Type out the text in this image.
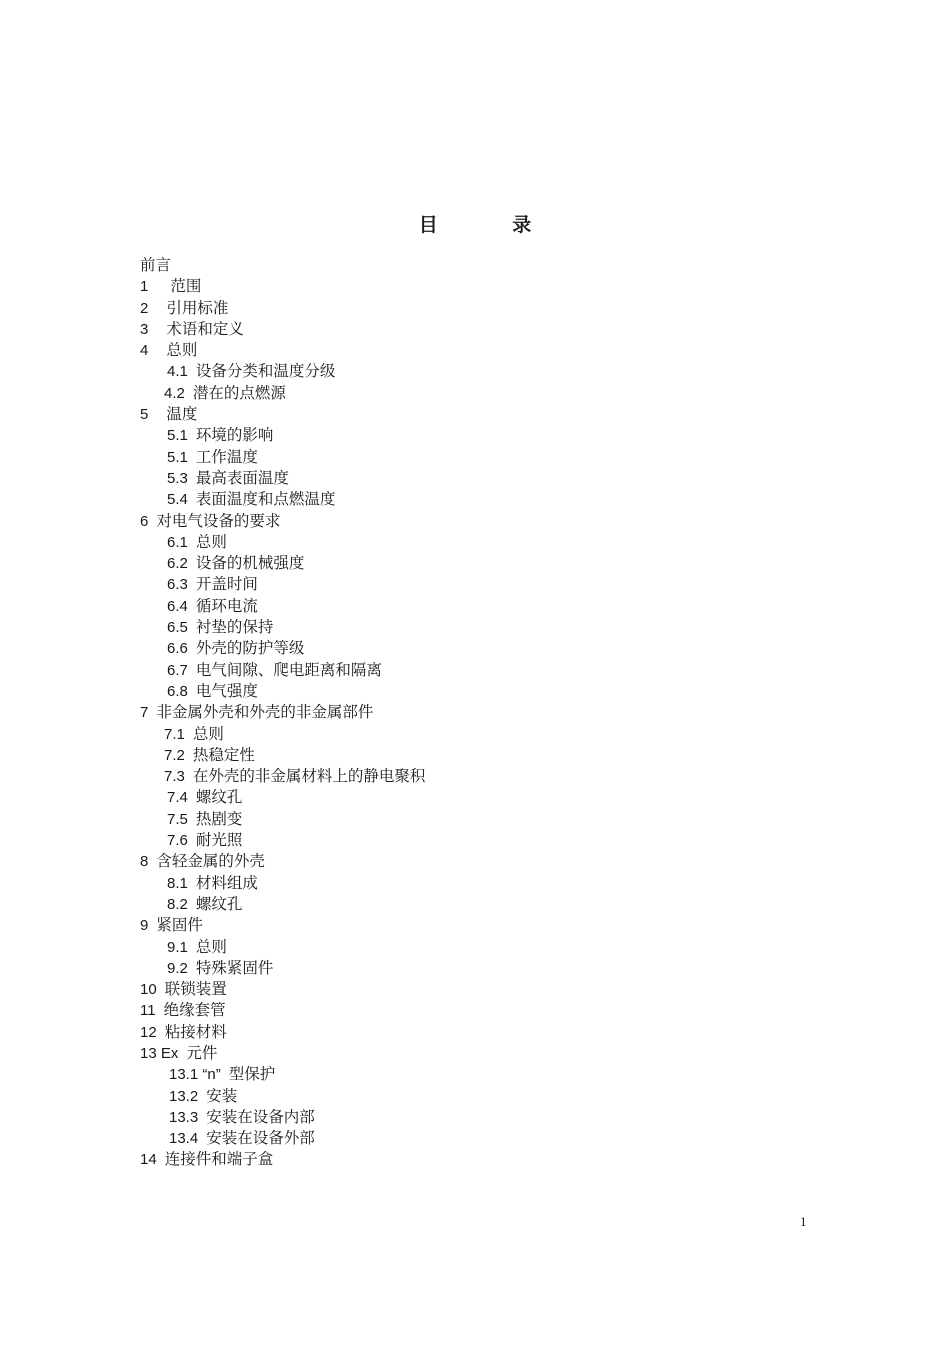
目 录
前言
1 范围
2 引用标准
3 术语和定义
4 总则
4.1 设备分类和温度分级
4.2 潜在的点燃源
5 温度
5.1 环境的影响
5.1 工作温度
5.3 最高表面温度
5.4 表面温度和点燃温度
6 对电气设备的要求
6.1 总则
6.2 设备的机械强度
6.3 开盖时间
6.4 循环电流
6.5 衬垫的保持
6.6 外壳的防护等级
6.7 电气间隙、爬电距离和隔离
6.8 电气强度
7 非金属外壳和外壳的非金属部件
7.1 总则
7.2 热稳定性
7.3 在外壳的非金属材料上的静电聚积
7.4 螺纹孔
7.5 热剧变
7.6 耐光照
8 含轻金属的外壳
8.1 材料组成
8.2 螺纹孔
9 紧固件
9.1 总则
9.2 特殊紧固件
10 联锁装置
11 绝缘套管
12 粘接材料
13 Ex 元件
13.1 “n” 型保护
13.2 安装
13.3 安装在设备内部
13.4 安装在设备外部
14 连接件和端子盒
1
